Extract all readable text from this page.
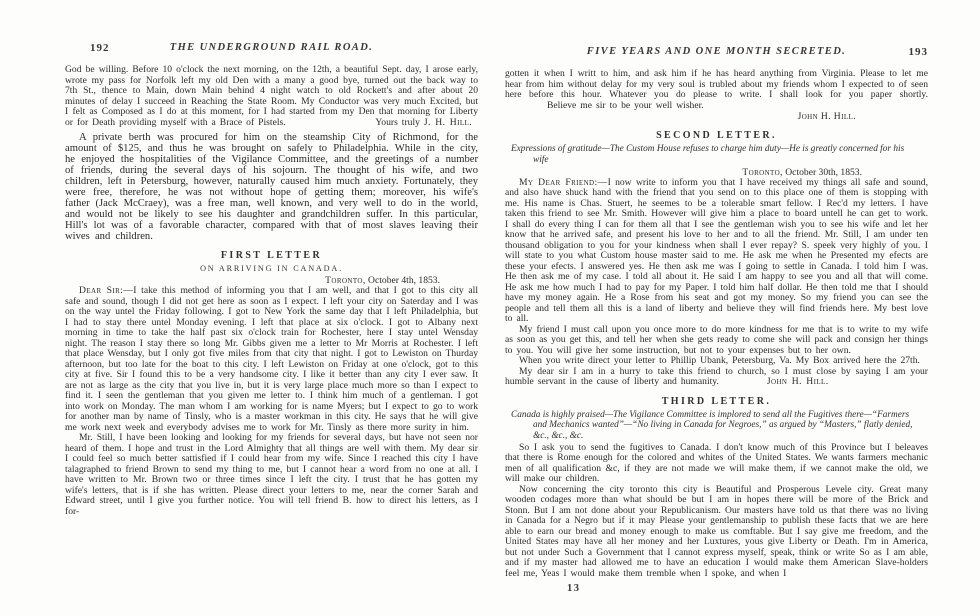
192	THE UNDERGROUND RAIL ROAD.

God be willing. Before 10 o'clock the next morning, on the 12th, a beautiful Sept. day, I arose early, wrote my pass for Norfolk left my old Den with a many a good bye, turned out the back way to 7th St., thence to Main, down Main behind 4 night watch to old Rockett's and after about 20 minutes of delay I succeed in Reaching the State Room. My Conductor was very much Excited, but I felt as Composed as I do at this moment, for I had started from my Den that morning for Liberty or for Death providing myself with a Brace of Pistels.	Yours truly J. H. Hill.

A private berth was procured for him on the steamship City of Richmond, for the amount of $125, and thus he was brought on safely to Philadelphia. While in the city, he enjoyed the hospitalities of the Vigilance Committee, and the greetings of a number of friends, during the several days of his sojourn. The thought of his wife, and two children, left in Petersburg, however, naturally caused him much anxiety. Fortunately, they were free, therefore, he was not without hope of getting them; moreover, his wife's father (Jack McCraey), was a free man, well known, and very well to do in the world, and would not be likely to see his daughter and grandchildren suffer. In this particular, Hill's lot was of a favorable character, compared with that of most slaves leaving their wives and children.

FIRST LETTER
ON ARRIVING IN CANADA.
Toronto, October 4th, 1853.

Dear Sir:—I take this method of informing you that I am well, and that I got to this city all safe and sound, though I did not get here as soon as I expect. I left your city on Saterday and I was on the way untel the Friday following. I got to New York the same day that I left Philadelphia, but I had to stay there untel Monday evening. I left that place at six o'clock. I got to Albany next morning in time to take the half past six o'clock train for Rochester, here I stay untel Wensday night. The reason I stay there so long Mr. Gibbs given me a letter to Mr Morris at Rochester. I left that place Wensday, but I only got five miles from that city that night. I got to Lewiston on Thurday afternoon, but too late for the boat to this city. I left Lewiston on Friday at one o'clock, got to this city at five. Sir I found this to be a very handsome city. I like it better than any city I ever saw. It are not as large as the city that you live in, but it is very large place much more so than I expect to find it. I seen the gentleman that you given me letter to. I think him much of a gentleman. I got into work on Monday. The man whom I am working for is name Myers; but I expect to go to work for another man by name of Tinsly, who is a master workman in this city. He says that he will give me work next week and everybody advises me to work for Mr. Tinsly as there more surity in him.

Mr. Still, I have been looking and looking for my friends for several days, but have not seen nor heard of them. I hope and trust in the Lord Almighty that all things are well with them. My dear sir I could feel so much better sattisfied if I could hear from my wife. Since I reached this city I have talagraphed to friend Brown to send my thing to me, but I cannot hear a word from no one at all. I have written to Mr. Brown two or three times since I left the city. I trust that he has gotten my wife's letters, that is if she has written. Please direct your letters to me, near the corner Sarah and Edward street, until I give you further notice. You will tell friend B. how to direct his letters, as I for-

FIVE YEARS AND ONE MONTH SECRETED.	193

gotten it when I writt to him, and ask him if he has heard anything from Virginia. Please to let me hear from him without delay for my very soul is trubled about my friends whom I expected to of seen here before this hour. Whatever you do please to write. I shall look for you paper shortly. Believe me sir to be your well wisher.

John H. Hill.
SECOND LETTER.
Expressions of gratitude—The Custom House refuses to charge him duty—He is greatly concerned for his wife
Toronto, October 30th, 1853.

My Dear Friend:—I now write to inform you that I have received my things all safe and sound, and also have shuck hand with the friend that you send on to this place one of them is stopping with me. His name is Chas. Stuert, he seemes to be a tolerable smart fellow. I Rec'd my letters. I have taken this friend to see Mr. Smith. However will give him a place to board untell he can get to work. I shall do every thing I can for them all that I see the gentleman wish you to see his wife and let her know that he arrived safe, and present his love to her and to all the friend. Mr. Still, I am under ten thousand obligation to you for your kindness when shall I ever repay? S. speek very highly of you. I will state to you what Custom house master said to me. He ask me when he Presented my efects are these your efects. I answered yes. He then ask me was I going to settle in Canada. I told him I was. He then ask me of my case. I told all about it. He said I am happy to see you and all that will come. He ask me how much I had to pay for my Paper. I told him half dollar. He then told me that I should have my money again. He a Rose from his seat and got my money. So my friend you can see the people and tell them all this is a land of liberty and believe they will find friends here. My best love to all.

My friend I must call upon you once more to do more kindness for me that is to write to my wife as soon as you get this, and tell her when she gets ready to come she will pack and consign her things to you. You will give her some instruction, but not to your expenses but to her own.

When you write direct your letter to Phillip Ubank, Petersburg, Va. My Box arrived here the 27th.

My dear sir I am in a hurry to take this friend to church, so I must close by saying I am your humble servant in the cause of liberty and humanity.	John H. Hill.

THIRD LETTER.
Canada is highly praised—The Vigilance Committee is implored to send all the Fugitives there—“Farmers and Mechanics wanted”—“No living in Canada for Negroes,” as argued by “Masters,” flatly denied, &c., &c., &c.

So I ask you to send the fugitives to Canada. I don't know much of this Province but I beleaves that there is Rome enough for the colored and whites of the United States. We wants farmers mechanic men of all qualification &c, if they are not made we will make them, if we cannot make the old, we will make our children.

Now concerning the city toronto this city is Beautiful and Prosperous Levele city. Great many wooden codages more than what should be but I am in hopes there will be more of the Brick and Stonn. But I am not done about your Republicanism. Our masters have told us that there was no living in Canada for a Negro but if it may Please your gentlemanship to publish these facts that we are here able to earn our bread and money enough to make us comftable. But I say give me freedom, and the United States may have all her money and her Luxtures, yous give Liberty or Death. I'm in America, but not under Such a Government that I cannot express myself, speak, think or write So as I am able, and if my master had allowed me to have an education I would make them American Slave-holders feel me, Yeas I would make them tremble when I spoke, and when I

13
